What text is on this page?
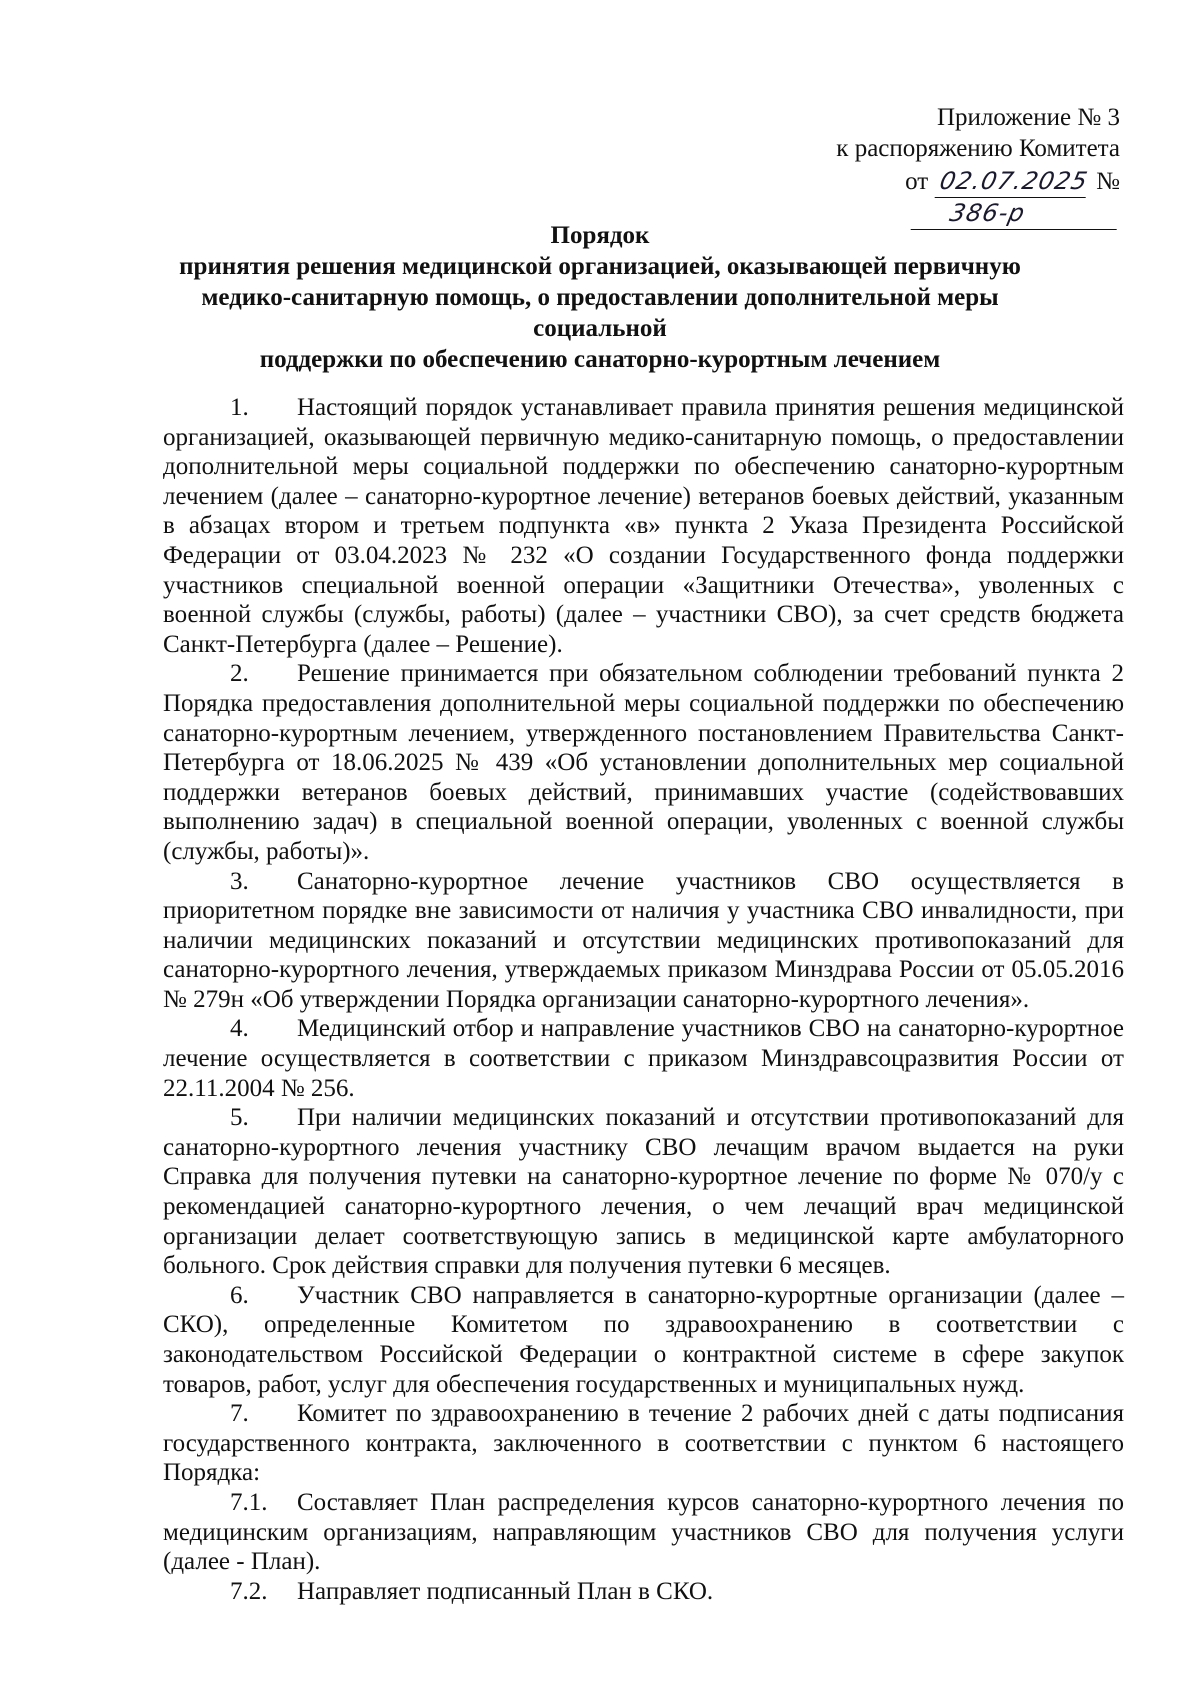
Приложение № 3
к распоряжению Комитета
от 02.07.2025 № 386-р
Порядок
принятия решения медицинской организацией, оказывающей первичную
медико-санитарную помощь, о предоставлении дополнительной меры социальной
поддержки по обеспечению санаторно-курортным лечением

1. Настоящий порядок устанавливает правила принятия решения медицинской организацией, оказывающей первичную медико-санитарную помощь, о предоставлении дополнительной меры социальной поддержки по обеспечению санаторно-курортным лечением (далее – санаторно-курортное лечение) ветеранов боевых действий, указанным в абзацах втором и третьем подпункта «в» пункта 2 Указа Президента Российской Федерации от 03.04.2023 № 232 «О создании Государственного фонда поддержки участников специальной военной операции «Защитники Отечества», уволенных с военной службы (службы, работы) (далее – участники СВО), за счет средств бюджета Санкт-Петербурга (далее – Решение).

2. Решение принимается при обязательном соблюдении требований пункта 2 Порядка предоставления дополнительной меры социальной поддержки по обеспечению санаторно-курортным лечением, утвержденного постановлением Правительства Санкт-Петербурга от 18.06.2025 № 439 «Об установлении дополнительных мер социальной поддержки ветеранов боевых действий, принимавших участие (содействовавших выполнению задач) в специальной военной операции, уволенных с военной службы (службы, работы)».

3. Санаторно-курортное лечение участников СВО осуществляется в приоритетном порядке вне зависимости от наличия у участника СВО инвалидности, при наличии медицинских показаний и отсутствии медицинских противопоказаний для санаторно-курортного лечения, утверждаемых приказом Минздрава России от 05.05.2016 № 279н «Об утверждении Порядка организации санаторно-курортного лечения».

4. Медицинский отбор и направление участников СВО на санаторно-курортное лечение осуществляется в соответствии с приказом Минздравсоцразвития России от 22.11.2004 № 256.

5. При наличии медицинских показаний и отсутствии противопоказаний для санаторно-курортного лечения участнику СВО лечащим врачом выдается на руки Справка для получения путевки на санаторно-курортное лечение по форме № 070/у с рекомендацией санаторно-курортного лечения, о чем лечащий врач медицинской организации делает соответствующую запись в медицинской карте амбулаторного больного. Срок действия справки для получения путевки 6 месяцев.

6. Участник СВО направляется в санаторно-курортные организации (далее – СКО), определенные Комитетом по здравоохранению в соответствии с законодательством Российской Федерации о контрактной системе в сфере закупок товаров, работ, услуг для обеспечения государственных и муниципальных нужд.

7. Комитет по здравоохранению в течение 2 рабочих дней с даты подписания государственного контракта, заключенного в соответствии с пунктом 6 настоящего Порядка:

7.1. Составляет План распределения курсов санаторно-курортного лечения по медицинским организациям, направляющим участников СВО для получения услуги (далее - План).

7.2. Направляет подписанный План в СКО.
